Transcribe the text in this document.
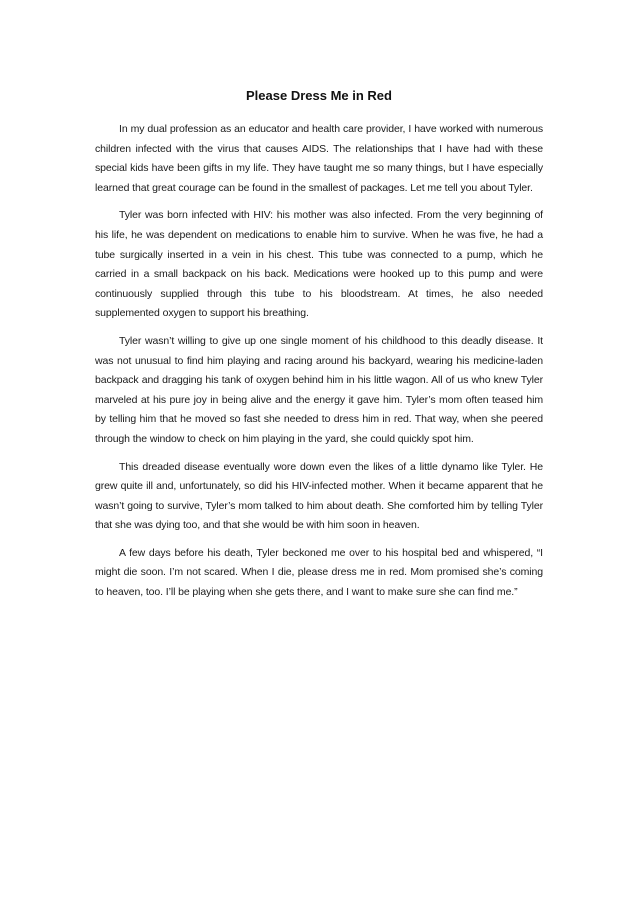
Please Dress Me in Red

In my dual profession as an educator and health care provider, I have worked with numerous children infected with the virus that causes AIDS. The relationships that I have had with these special kids have been gifts in my life. They have taught me so many things, but I have especially learned that great courage can be found in the smallest of packages. Let me tell you about Tyler.

Tyler was born infected with HIV: his mother was also infected. From the very beginning of his life, he was dependent on medications to enable him to survive. When he was five, he had a tube surgically inserted in a vein in his chest. This tube was connected to a pump, which he carried in a small backpack on his back. Medications were hooked up to this pump and were continuously supplied through this tube to his bloodstream. At times, he also needed supplemented oxygen to support his breathing.

Tyler wasn’t willing to give up one single moment of his childhood to this deadly disease. It was not unusual to find him playing and racing around his backyard, wearing his medicine-laden backpack and dragging his tank of oxygen behind him in his little wagon. All of us who knew Tyler marveled at his pure joy in being alive and the energy it gave him. Tyler’s mom often teased him by telling him that he moved so fast she needed to dress him in red. That way, when she peered through the window to check on him playing in the yard, she could quickly spot him.

This dreaded disease eventually wore down even the likes of a little dynamo like Tyler. He grew quite ill and, unfortunately, so did his HIV-infected mother. When it became apparent that he wasn’t going to survive, Tyler’s mom talked to him about death. She comforted him by telling Tyler that she was dying too, and that she would be with him soon in heaven.

A few days before his death, Tyler beckoned me over to his hospital bed and whispered, “I might die soon. I’m not scared. When I die, please dress me in red. Mom promised she’s coming to heaven, too. I’ll be playing when she gets there, and I want to make sure she can find me.”
